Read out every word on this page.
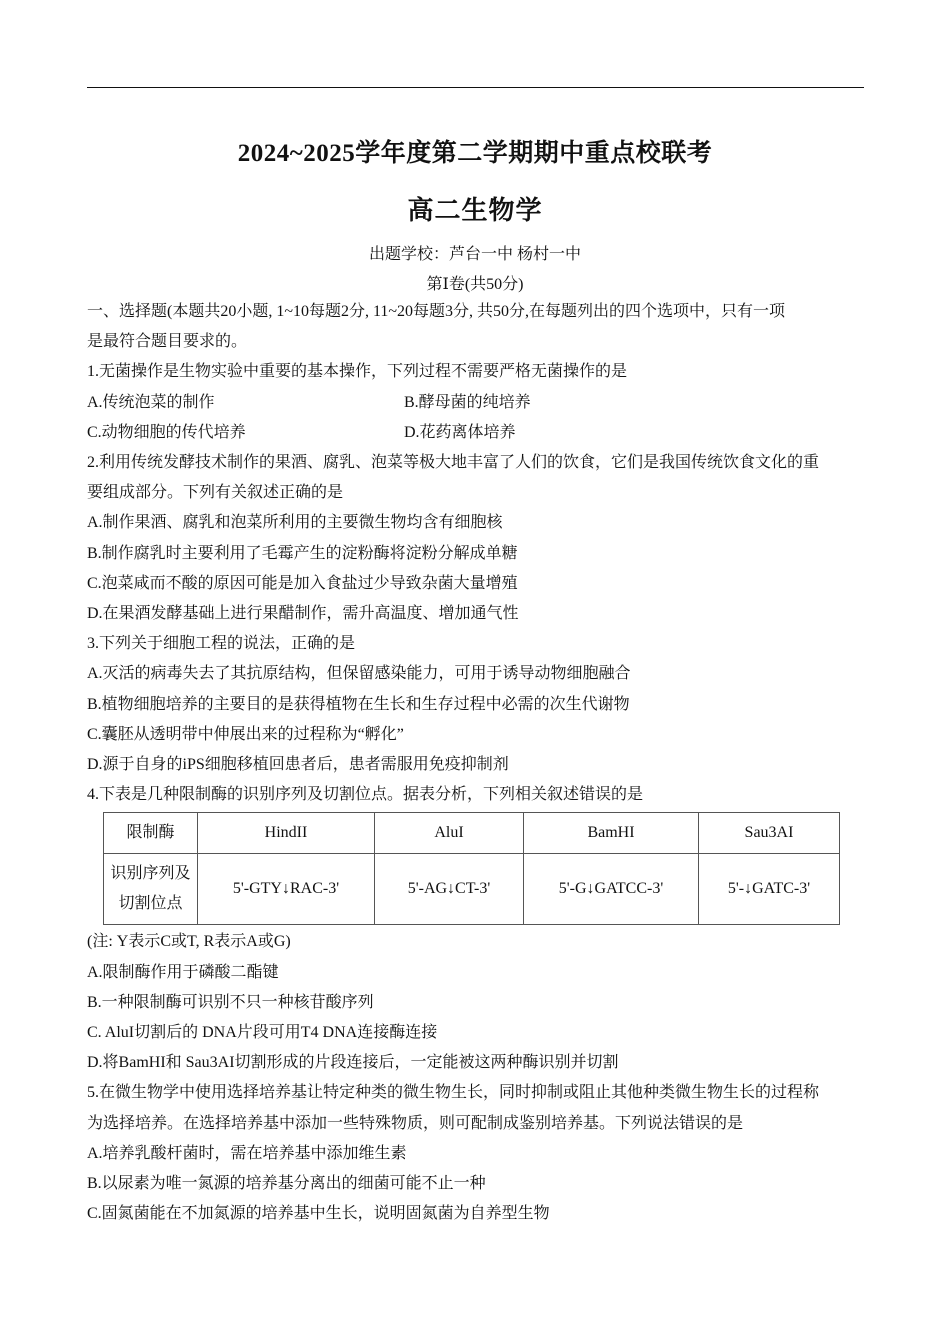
2024~2025学年度第二学期期中重点校联考
高二生物学
出题学校：芦台一中 杨村一中
第Ⅰ卷(共50分)

一、选择题(本题共20小题, 1~10每题2分, 11~20每题3分, 共50分,在每题列出的四个选项中，只有一项

是最符合题目要求的。

1.无菌操作是生物实验中重要的基本操作，下列过程不需要严格无菌操作的是

A.传统泡菜的制作	B.酵母菌的纯培养
C.动物细胞的传代培养	D.花药离体培养

2.利用传统发酵技术制作的果酒、腐乳、泡菜等极大地丰富了人们的饮食，它们是我国传统饮食文化的重

要组成部分。下列有关叙述正确的是

A.制作果酒、腐乳和泡菜所利用的主要微生物均含有细胞核

B.制作腐乳时主要利用了毛霉产生的淀粉酶将淀粉分解成单糖

C.泡菜咸而不酸的原因可能是加入食盐过少导致杂菌大量增殖

D.在果酒发酵基础上进行果醋制作，需升高温度、增加通气性

3.下列关于细胞工程的说法，正确的是

A.灭活的病毒失去了其抗原结构，但保留感染能力，可用于诱导动物细胞融合

B.植物细胞培养的主要目的是获得植物在生长和生存过程中必需的次生代谢物

C.囊胚从透明带中伸展出来的过程称为“孵化”

D.源于自身的iPS细胞移植回患者后，患者需服用免疫抑制剂

4.下表是几种限制酶的识别序列及切割位点。据表分析，下列相关叙述错误的是

限制酶	HindII	AluI	BamHI	Sau3AI

识别序列及
切割位点	5'-GTY↓RAC-3'	5'-AG↓CT-3'	5'-G↓GATCC-3'	5'-↓GATC-3'

(注: Y表示C或T, R表示A或G)

A.限制酶作用于磷酸二酯键

B.一种限制酶可识别不只一种核苷酸序列

C. AluI切割后的 DNA片段可用T4 DNA连接酶连接

D.将BamHI和 Sau3AI切割形成的片段连接后，一定能被这两种酶识别并切割

5.在微生物学中使用选择培养基让特定种类的微生物生长，同时抑制或阻止其他种类微生物生长的过程称

为选择培养。在选择培养基中添加一些特殊物质，则可配制成鉴别培养基。下列说法错误的是

A.培养乳酸杆菌时，需在培养基中添加维生素

B.以尿素为唯一氮源的培养基分离出的细菌可能不止一种

C.固氮菌能在不加氮源的培养基中生长，说明固氮菌为自养型生物
